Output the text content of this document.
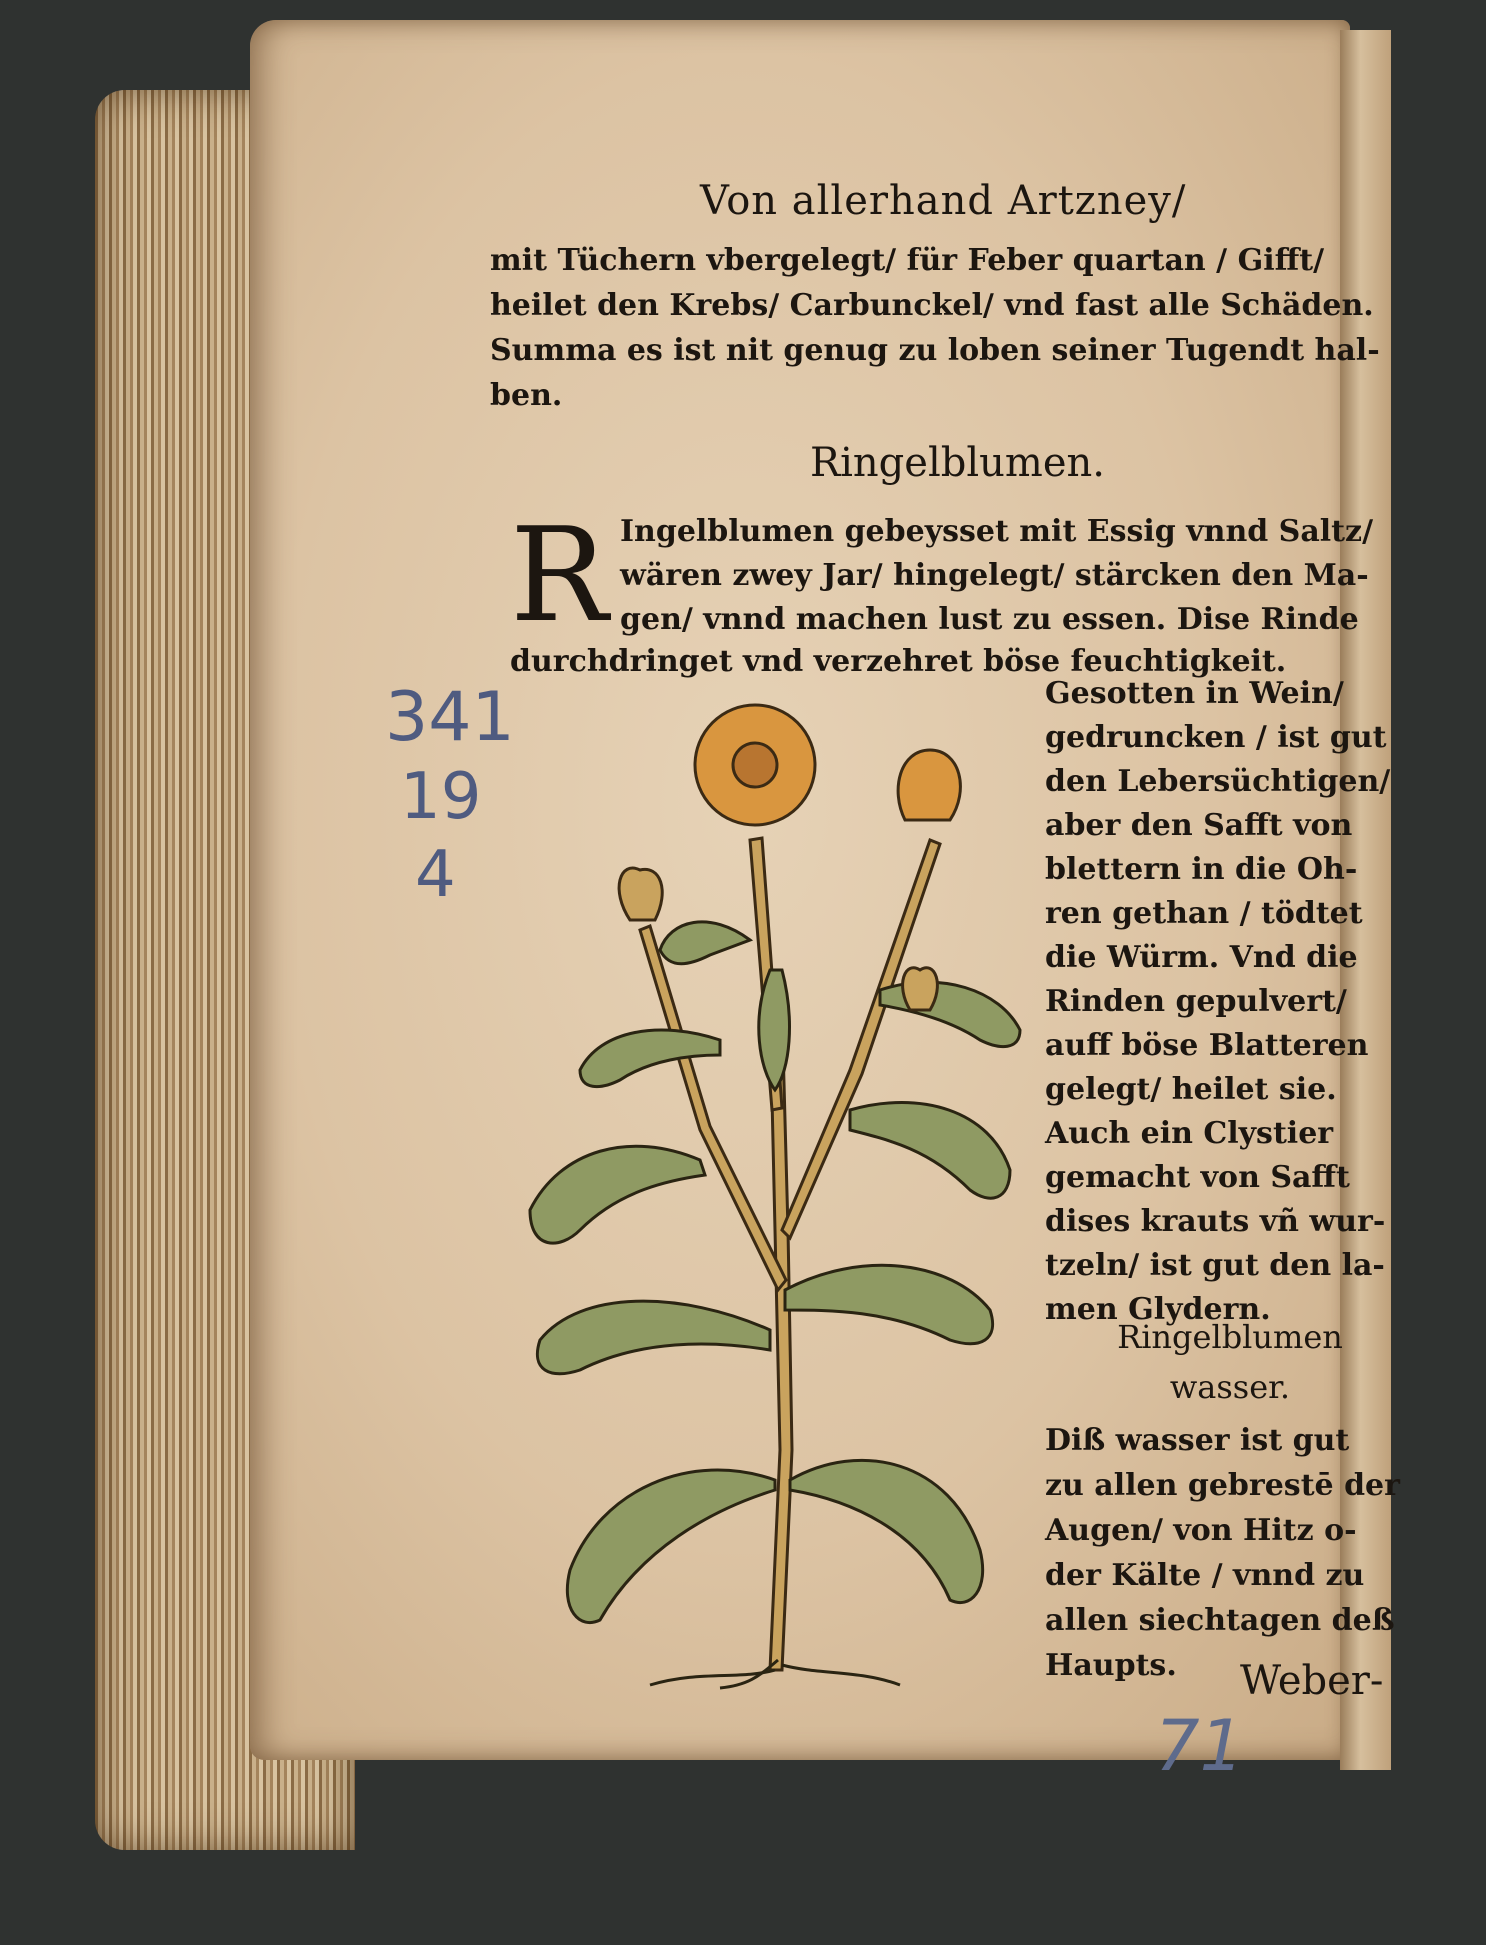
Von allerhand Artzney/
mit Tüchern vbergelegt/ für Feber quartan / Gifft/
heilet den Krebs/ Carbunckel/ vnd fast alle Schäden.
Summa es ist nit genug zu loben seiner Tugendt hal-
ben.
Ringelblumen.
R Ingelblumen gebeysset mit Essig vnnd Saltz/
wären zwey Jar/ hingelegt/ stärcken den Ma-
gen/ vnnd machen lust zu essen. Dise Rinde
durchdringet vnd verzehret böse feuchtigkeit.
Gesotten in Wein/
gedruncken / ist gut
den Lebersüchtigen/
aber den Safft von
blettern in die Oh-
ren gethan / tödtet
die Würm. Vnd die
Rinden gepulvert/
auff böse Blatteren
gelegt/ heilet sie.
Auch ein Clystier
gemacht von Safft
dises krauts vñ wur-
tzeln/ ist gut den la-
men Glydern.
Ringelblumen
wasser.
Diß wasser ist gut
zu allen gebrestē der
Augen/ von Hitz o-
der Kälte / vnnd zu
allen siechtagen deß
Haupts.	Weber-
341
19
4
71
